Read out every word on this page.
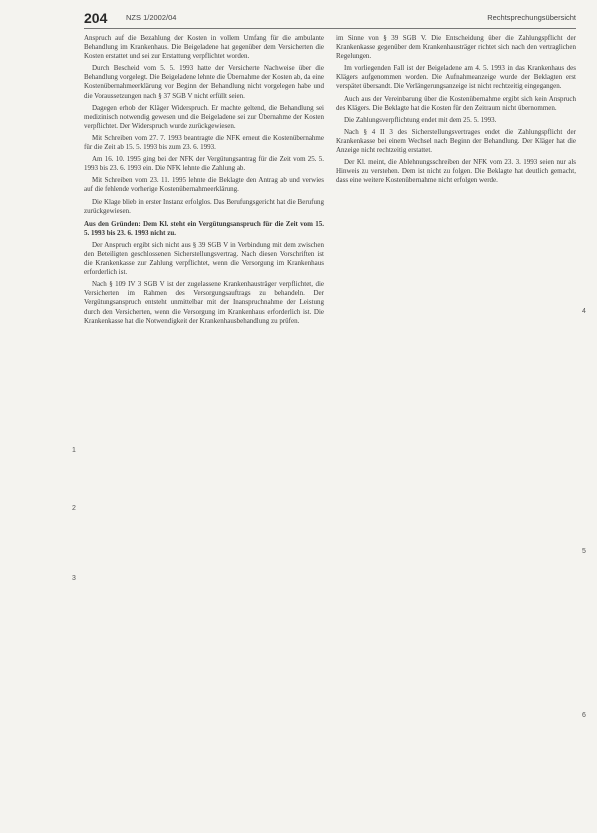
204 NZS 1/2002/04	Rechtsprechungsübersicht

Anspruch auf die Bezahlung der Kosten in vollem Umfang für die ambulante Behandlung im Krankenhaus. Die Beigeladene hat gegenüber dem Versicherten die Kosten erstattet und sei zur Erstattung verpflichtet worden.

Durch Bescheid vom 5. 5. 1993 hatte der Versicherte Nachweise über die Behandlung vorgelegt. Die Beigeladene lehnte die Übernahme der Kosten ab, da eine Kostenübernahmeerklärung vor Beginn der Behandlung nicht vorgelegen habe und die Voraussetzungen nach § 37 SGB V nicht erfüllt seien.

Dagegen erhob der Kläger Widerspruch. Er machte geltend, die Behandlung sei medizinisch notwendig gewesen und die Beigeladene sei zur Übernahme der Kosten verpflichtet. Der Widerspruch wurde zurückgewiesen.

Mit Schreiben vom 27. 7. 1993 beantragte die NFK erneut die Kostenübernahme für die Zeit ab 15. 5. 1993 bis zum 23. 6. 1993.

Am 16. 10. 1995 ging bei der NFK der Vergütungsantrag für die Zeit vom 25. 5. 1993 bis 23. 6. 1993 ein. Die NFK lehnte die Zahlung ab.

Mit Schreiben vom 23. 11. 1995 lehnte die Beklagte den Antrag ab und verwies auf die fehlende vorherige Kostenübernahmeerklärung.

Die Klage blieb in erster Instanz erfolglos. Das Berufungsgericht hat die Berufung zurückgewiesen.

Aus den Gründen: Dem Kl. steht ein Vergütungsanspruch für die Zeit vom 15. 5. 1993 bis 23. 6. 1993 nicht zu.

Der Anspruch ergibt sich nicht aus § 39 SGB V in Verbindung mit dem zwischen den Beteiligten geschlossenen Sicherstellungsvertrag. Nach diesen Vorschriften ist die Krankenkasse zur Zahlung verpflichtet, wenn die Versorgung im Krankenhaus erforderlich ist.

Nach § 109 IV 3 SGB V ist der zugelassene Krankenhausträger verpflichtet, die Versicherten im Rahmen des Versorgungsauftrags zu behandeln. Der Vergütungsanspruch entsteht unmittelbar mit der Inanspruchnahme der Leistung durch den Versicherten, wenn die Versorgung im Krankenhaus erforderlich ist. Die Krankenkasse hat die Notwendigkeit der Krankenhausbehandlung zu prüfen.

im Sinne von § 39 SGB V. Die Entscheidung über die Zahlungspflicht der Krankenkasse gegenüber dem Krankenhausträger richtet sich nach den vertraglichen Regelungen.

Im vorliegenden Fall ist der Beigeladene am 4. 5. 1993 in das Krankenhaus des Klägers aufgenommen worden. Die Aufnahmeanzeige wurde der Beklagten erst verspätet übersandt. Die Verlängerungsanzeige ist nicht rechtzeitig eingegangen.

Auch aus der Vereinbarung über die Kostenübernahme ergibt sich kein Anspruch des Klägers. Die Beklagte hat die Kosten für den Zeitraum nicht übernommen.

Die Zahlungsverpflichtung endet mit dem 25. 5. 1993.

Nach § 4 II 3 des Sicherstellungsvertrages endet die Zahlungspflicht der Krankenkasse bei einem Wechsel nach Beginn der Behandlung. Der Kläger hat die Anzeige nicht rechtzeitig erstattet.

Der Kl. meint, die Ablehnungsschreiben der NFK vom 23. 3. 1993 seien nur als Hinweis zu verstehen. Dem ist nicht zu folgen. Die Beklagte hat deutlich gemacht, dass eine weitere Kostenübernahme nicht erfolgen werde.

1
2
3
4
5
6
